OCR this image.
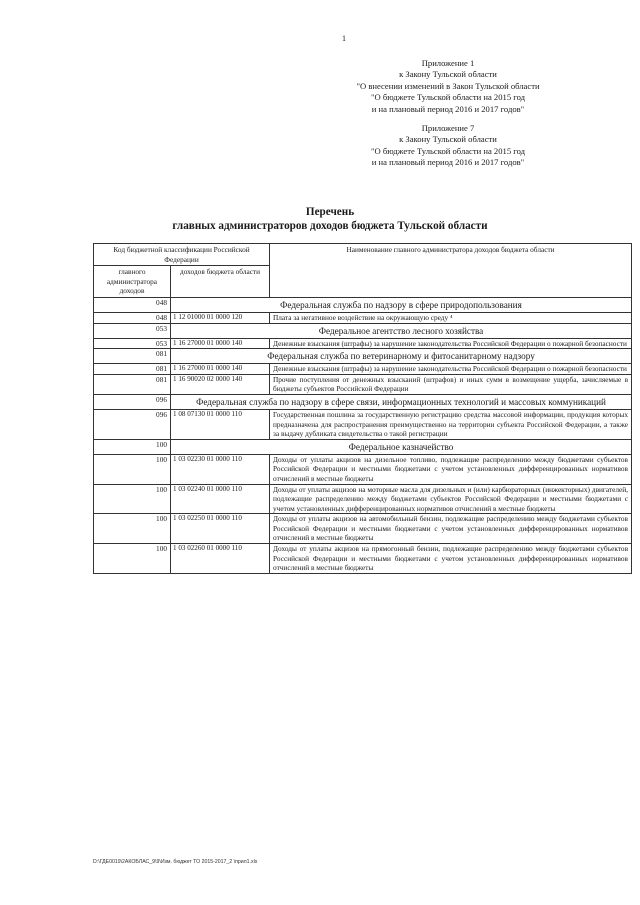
1
Приложение 1
к Закону Тульской области
"О внесении изменений в Закон Тульской области
"О бюджете Тульской области на 2015 год
и на плановый период 2016 и 2017 годов"
Приложение 7
к Закону Тульской области
"О бюджете Тульской области на 2015 год
и на плановый период 2016 и 2017 годов"
Перечень
главных администраторов доходов бюджета Тульской области
Код бюджетной классификации Российской Федерации		Наименование главного администратора доходов бюджета области
главного администратора доходов	доходов бюджета области	
048	Федеральная служба по надзору в сфере природопользования	
048	1 12 01000 01 0000 120	Плата за негативное воздействие на окружающую среду ⁴
053	Федеральное агентство лесного хозяйства	
053	1 16 27000 01 0000 140	Денежные взыскания (штрафы) за нарушение законодательства Российской Федерации о пожарной безопасности
081	Федеральная служба по ветеринарному и фитосанитарному надзору	
081	1 16 27000 01 0000 140	Денежные взыскания (штрафы) за нарушение законодательства Российской Федерации о пожарной безопасности
081	1 16 90020 02 0000 140	Прочие поступления от денежных взысканий (штрафов) и иных сумм в возмещение ущерба, зачисляемые в бюджеты субъектов Российской Федерации
096	Федеральная служба по надзору в сфере связи, информационных технологий и массовых коммуникаций	
096	1 08 07130 01 0000 110	Государственная пошлина за государственную регистрацию средства массовой информации, продукция которых предназначена для распространения преимущественно на территории субъекта Российской Федерации, а также за выдачу дубликата свидетельства о такой регистрации
100	Федеральное казначейство	
100	1 03 02230 01 0000 110	Доходы от уплаты акцизов на дизельное топливо, подлежащие распределению между бюджетами субъектов Российской Федерации и местными бюджетами с учетом установленных дифференцированных нормативов отчислений в местные бюджеты
100	1 03 02240 01 0000 110	Доходы от уплаты акцизов на моторные масла для дизельных и (или) карбюраторных (инжекторных) двигателей, подлежащие распределению между бюджетами субъектов Российской Федерации и местными бюджетами с учетом установленных дифференцированных нормативов отчислений в местные бюджеты
100	1 03 02250 01 0000 110	Доходы от уплаты акцизов на автомобильный бензин, подлежащие распределению между бюджетами субъектов Российской Федерации и местными бюджетами с учетом установленных дифференцированных нормативов отчислений в местные бюджеты
100	1 03 02260 01 0000 110	Доходы от уплаты акцизов на прямогонный бензин, подлежащие распределению между бюджетами субъектов Российской Федерации и местными бюджетами с учетом установленных дифференцированных нормативов отчислений в местные бюджеты
D:\ГДЕ0019\2АКОБЛАС_9\9\Изм. бюджет ТО 2015-2017_2 \прил1.xls
